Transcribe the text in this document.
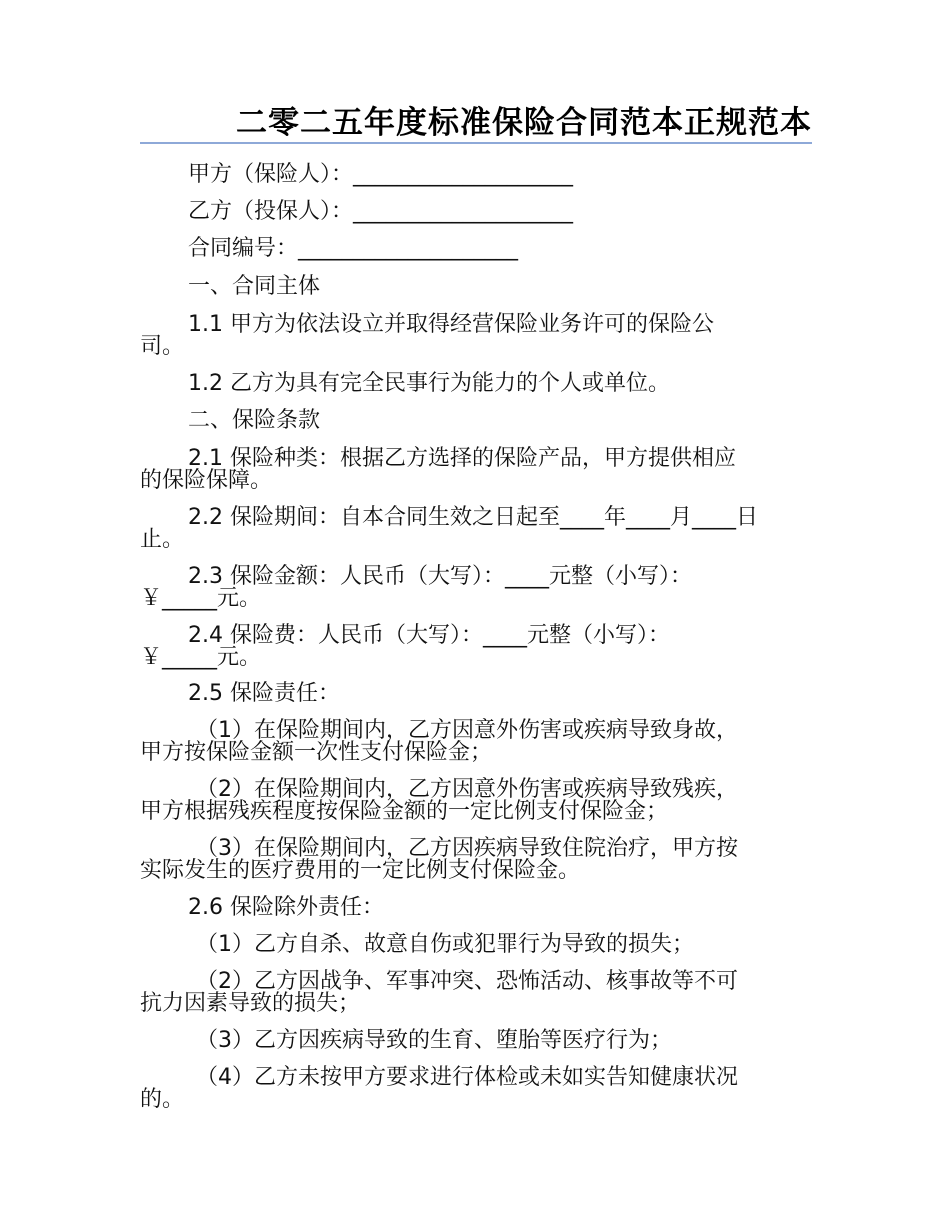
二零二五年度标准保险合同范本正规范本
甲方（保险人）：____________________
乙方（投保人）：____________________
合同编号：____________________
一、合同主体
1.1 甲方为依法设立并取得经营保险业务许可的保险公
司。
1.2 乙方为具有完全民事行为能力的个人或单位。
二、保险条款
2.1 保险种类：根据乙方选择的保险产品，甲方提供相应
的保险保障。
2.2 保险期间：自本合同生效之日起至____年____月____日
止。
2.3 保险金额：人民币（大写）：____元整（小写）：
￥_____元。
2.4 保险费：人民币（大写）：____元整（小写）：
￥_____元。
2.5 保险责任：
（1）在保险期间内，乙方因意外伤害或疾病导致身故，
甲方按保险金额一次性支付保险金；
（2）在保险期间内，乙方因意外伤害或疾病导致残疾，
甲方根据残疾程度按保险金额的一定比例支付保险金；
（3）在保险期间内，乙方因疾病导致住院治疗，甲方按
实际发生的医疗费用的一定比例支付保险金。
2.6 保险除外责任：
（1）乙方自杀、故意自伤或犯罪行为导致的损失；
（2）乙方因战争、军事冲突、恐怖活动、核事故等不可
抗力因素导致的损失；
（3）乙方因疾病导致的生育、堕胎等医疗行为；
（4）乙方未按甲方要求进行体检或未如实告知健康状况
的。
